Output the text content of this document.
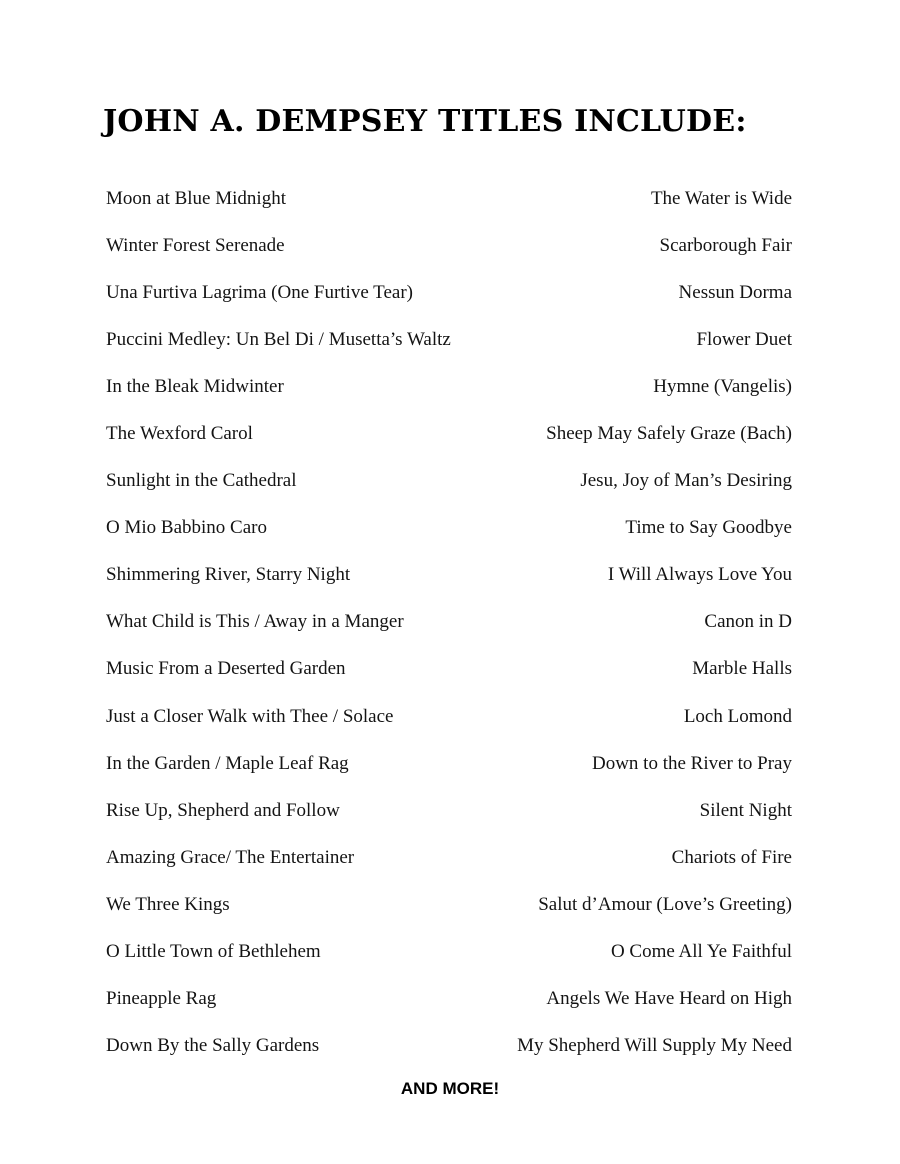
JOHN A. DEMPSEY TITLES INCLUDE:
Moon at Blue Midnight	The Water is Wide
Winter Forest Serenade	Scarborough Fair
Una Furtiva Lagrima (One Furtive Tear)	Nessun Dorma
Puccini Medley: Un Bel Di / Musetta’s Waltz	Flower Duet
In the Bleak Midwinter	Hymne (Vangelis)
The Wexford Carol	Sheep May Safely Graze (Bach)
Sunlight in the Cathedral	Jesu, Joy of Man’s Desiring
O Mio Babbino Caro	Time to Say Goodbye
Shimmering River, Starry Night	I Will Always Love You
What Child is This / Away in a Manger	Canon in D
Music From a Deserted Garden	Marble Halls
Just a Closer Walk with Thee / Solace	Loch Lomond
In the Garden / Maple Leaf Rag	Down to the River to Pray
Rise Up, Shepherd and Follow	Silent Night
Amazing Grace/ The Entertainer	Chariots of Fire
We Three Kings	Salut d’Amour (Love’s Greeting)
O Little Town of Bethlehem	O Come All Ye Faithful
Pineapple Rag	Angels We Have Heard on High
Down By the Sally Gardens	My Shepherd Will Supply My Need
AND MORE!
